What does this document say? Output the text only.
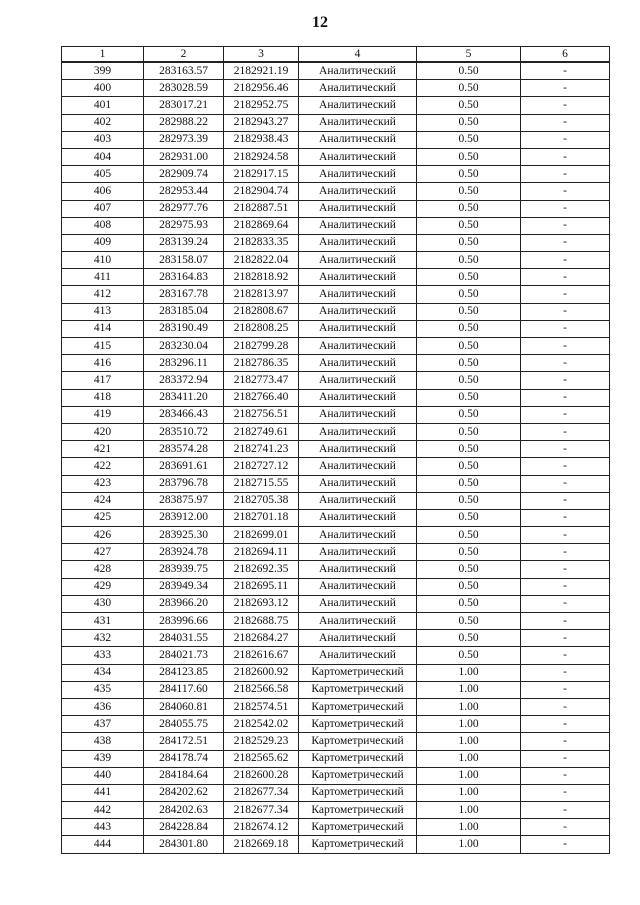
12
1	2	3	4	5	6
399	283163.57	2182921.19	Аналитический	0.50	-
400	283028.59	2182956.46	Аналитический	0.50	-
401	283017.21	2182952.75	Аналитический	0.50	-
402	282988.22	2182943.27	Аналитический	0.50	-
403	282973.39	2182938.43	Аналитический	0.50	-
404	282931.00	2182924.58	Аналитический	0.50	-
405	282909.74	2182917.15	Аналитический	0.50	-
406	282953.44	2182904.74	Аналитический	0.50	-
407	282977.76	2182887.51	Аналитический	0.50	-
408	282975.93	2182869.64	Аналитический	0.50	-
409	283139.24	2182833.35	Аналитический	0.50	-
410	283158.07	2182822.04	Аналитический	0.50	-
411	283164.83	2182818.92	Аналитический	0.50	-
412	283167.78	2182813.97	Аналитический	0.50	-
413	283185.04	2182808.67	Аналитический	0.50	-
414	283190.49	2182808.25	Аналитический	0.50	-
415	283230.04	2182799.28	Аналитический	0.50	-
416	283296.11	2182786.35	Аналитический	0.50	-
417	283372.94	2182773.47	Аналитический	0.50	-
418	283411.20	2182766.40	Аналитический	0.50	-
419	283466.43	2182756.51	Аналитический	0.50	-
420	283510.72	2182749.61	Аналитический	0.50	-
421	283574.28	2182741.23	Аналитический	0.50	-
422	283691.61	2182727.12	Аналитический	0.50	-
423	283796.78	2182715.55	Аналитический	0.50	-
424	283875.97	2182705.38	Аналитический	0.50	-
425	283912.00	2182701.18	Аналитический	0.50	-
426	283925.30	2182699.01	Аналитический	0.50	-
427	283924.78	2182694.11	Аналитический	0.50	-
428	283939.75	2182692.35	Аналитический	0.50	-
429	283949.34	2182695.11	Аналитический	0.50	-
430	283966.20	2182693.12	Аналитический	0.50	-
431	283996.66	2182688.75	Аналитический	0.50	-
432	284031.55	2182684.27	Аналитический	0.50	-
433	284021.73	2182616.67	Аналитический	0.50	-
434	284123.85	2182600.92	Картометрический	1.00	-
435	284117.60	2182566.58	Картометрический	1.00	-
436	284060.81	2182574.51	Картометрический	1.00	-
437	284055.75	2182542.02	Картометрический	1.00	-
438	284172.51	2182529.23	Картометрический	1.00	-
439	284178.74	2182565.62	Картометрический	1.00	-
440	284184.64	2182600.28	Картометрический	1.00	-
441	284202.62	2182677.34	Картометрический	1.00	-
442	284202.63	2182677.34	Картометрический	1.00	-
443	284228.84	2182674.12	Картометрический	1.00	-
444	284301.80	2182669.18	Картометрический	1.00	-
